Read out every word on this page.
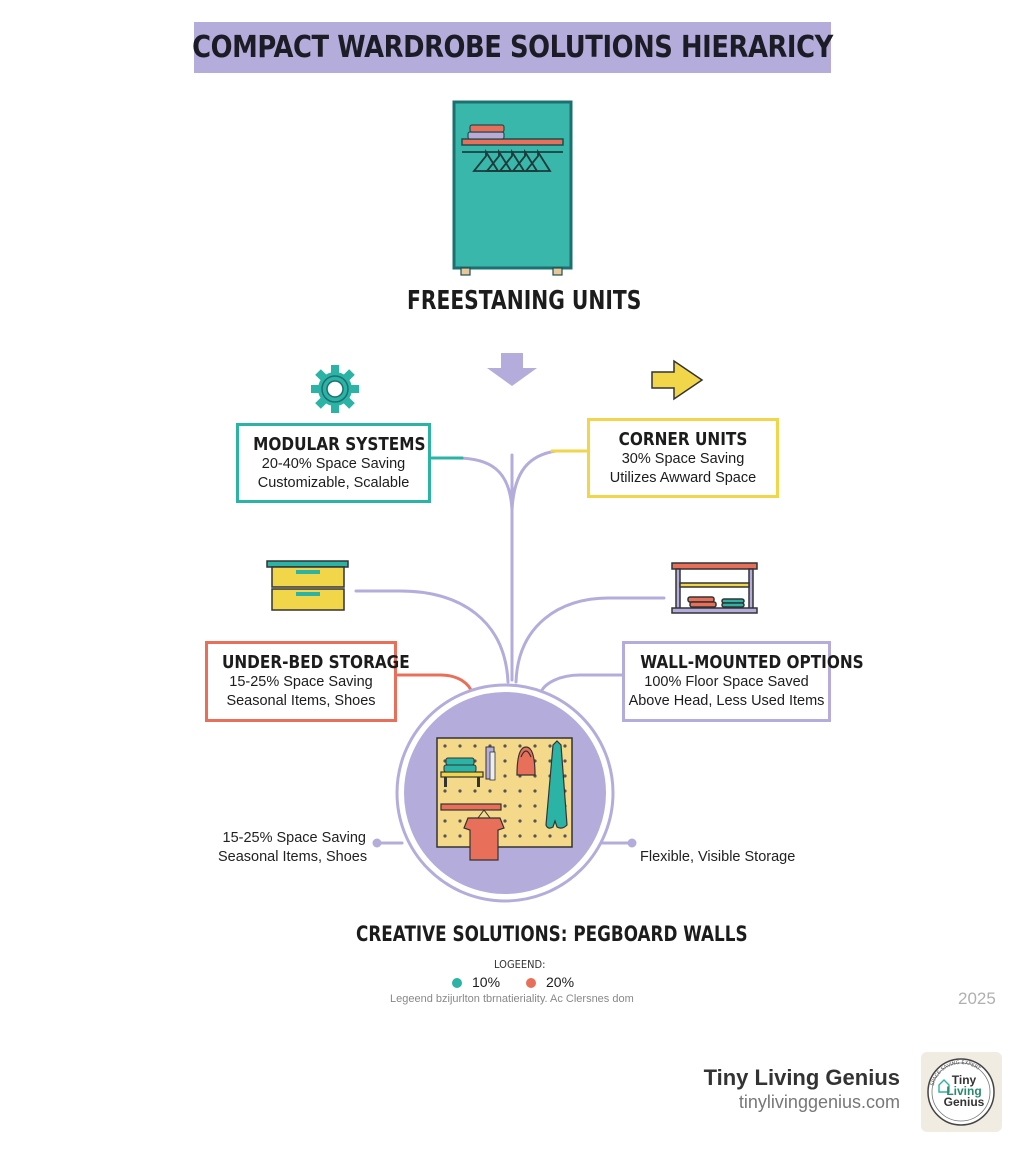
COMPACT WARDROBE SOLUTIONS HIERARICY
FREESTANING UNITS
MODULAR SYSTEMS
20-40% Space Saving
Customizable, Scalable
CORNER UNITS
30% Space Saving
Utilizes Awward Space
UNDER-BED STORAGE
15-25% Space Saving
Seasonal Items, Shoes
WALL-MOUNTED OPTIONS
100% Floor Space Saved
Above Head, Less Used Items
15-25% Space Saving
Seasonal Items, Shoes	Flexible, Visible Storage
CREATIVE SOLUTIONS: PEGBOARD WALLS
LOGEEND:
10%	20%
Legeend bzijurlton tbrnatieriality. Ac Clersnes dom	2025
Tiny Living Genius
tinylivinggenius.com
SPACE-SAVING EXPERT
Tiny
Living
Genius
